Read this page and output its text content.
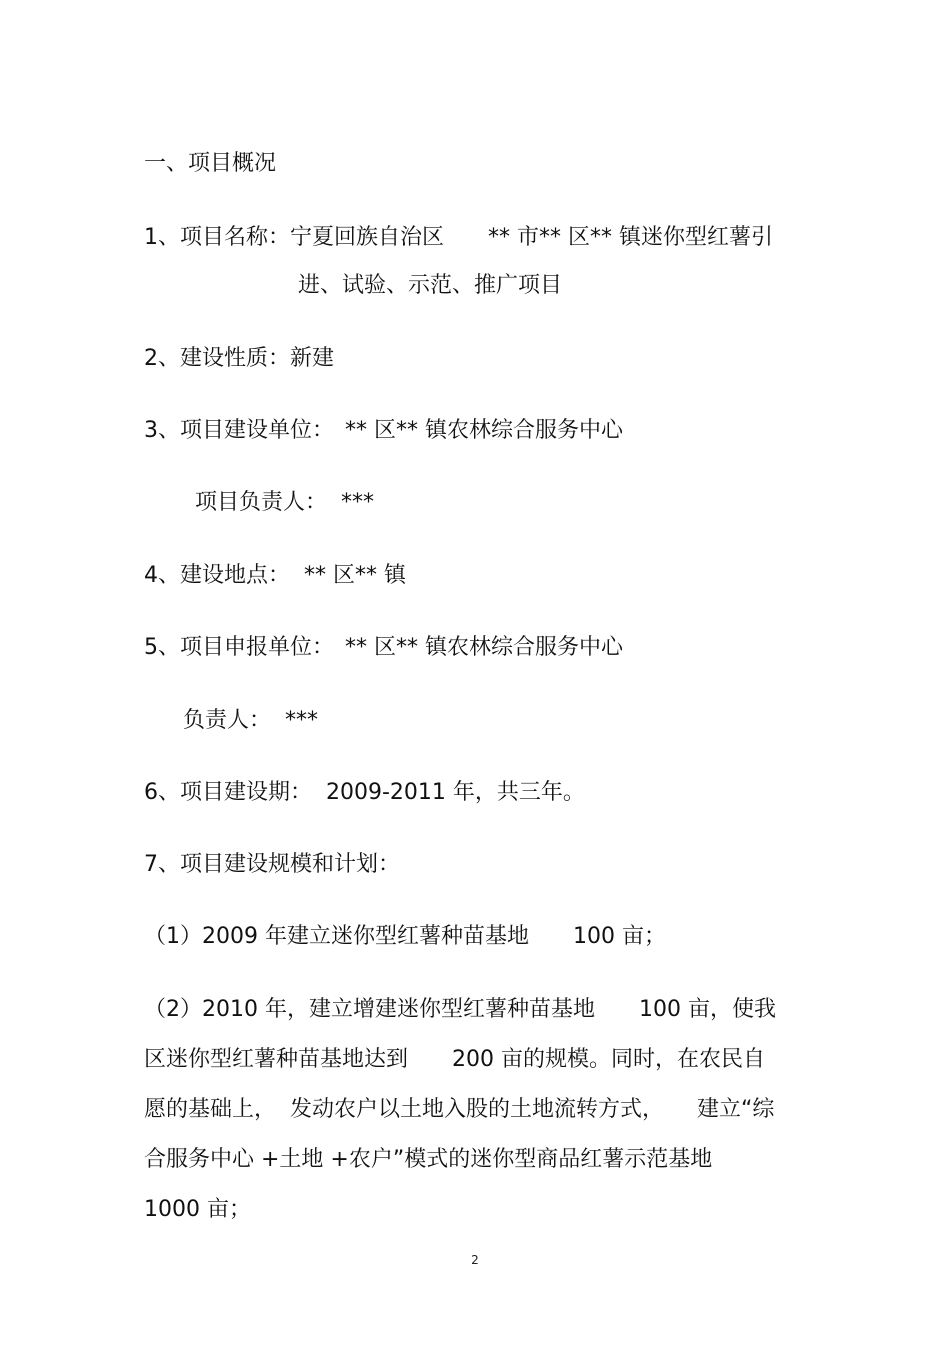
一、项目概况
1、项目名称：宁夏回族自治区　　** 市** 区** 镇迷你型红薯引
进、试验、示范、推广项目
2、建设性质：新建
3、项目建设单位：　** 区** 镇农林综合服务中心
项目负责人：  ***
4、建设地点：  ** 区** 镇
5、项目申报单位：　** 区** 镇农林综合服务中心
负责人：  ***
6、项目建设期：  2009-2011 年，共三年。
7、项目建设规模和计划：
（1）2009 年建立迷你型红薯种苗基地　　100 亩；
（2）2010 年，建立增建迷你型红薯种苗基地　　100 亩，使我
区迷你型红薯种苗基地达到　　200 亩的规模。同时，在农民自
愿的基础上，  发动农户以土地入股的土地流转方式，　　建立“综
合服务中心 +土地 +农户”模式的迷你型商品红薯示范基地
1000 亩；
2
